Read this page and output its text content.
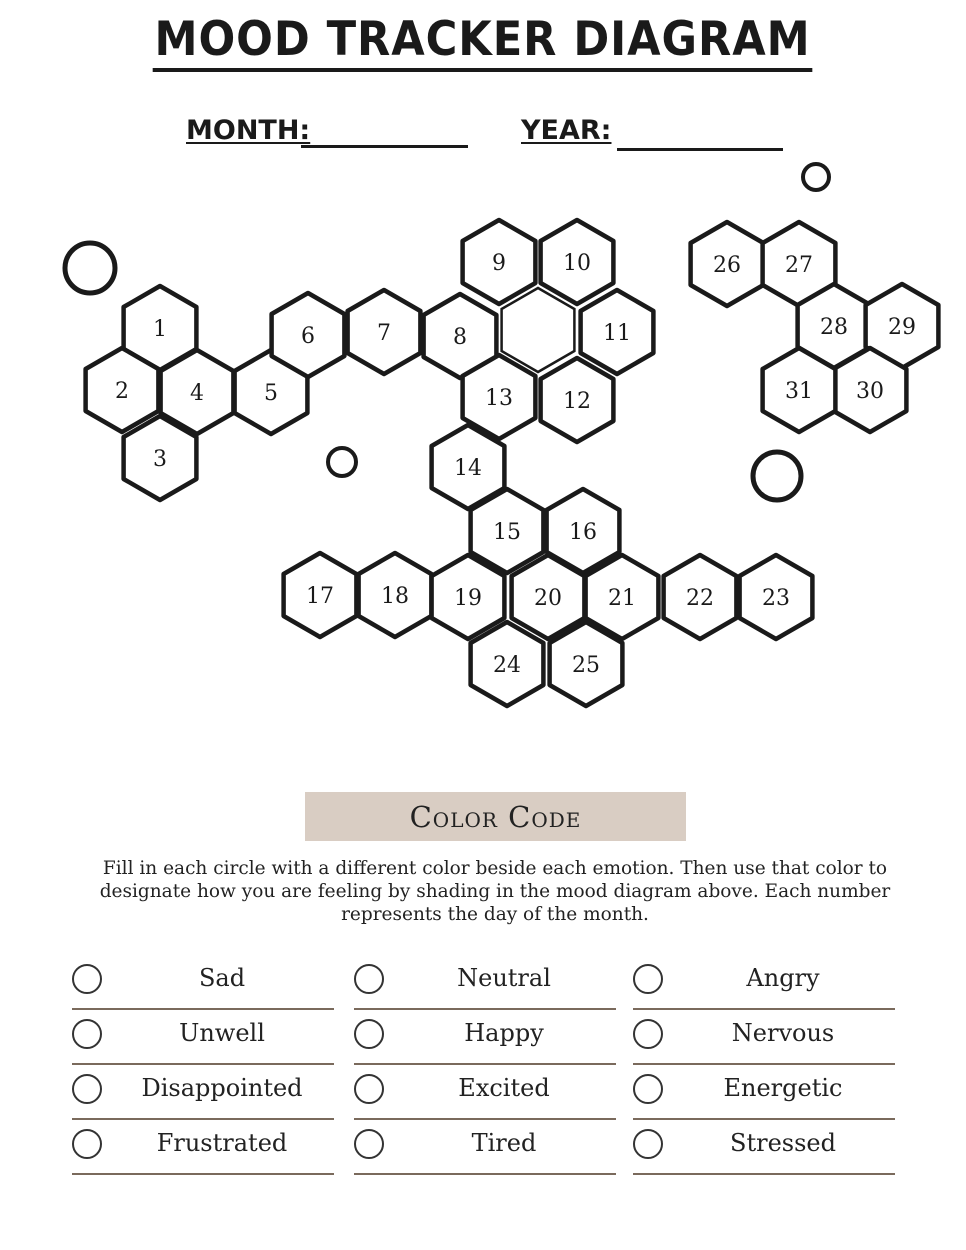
MOOD TRACKER DIAGRAM
MONTH:	YEAR:
1
2
3
4	5
6	7	8
9	10
11
12
13
14
15 16
17 18 19 20 21 22 23
24 25
26 27
28 29
30
31
Color Code
Fill in each circle with a different color beside each emotion. Then use that color to designate how you are feeling by shading in the mood diagram above. Each number represents the day of the month.
Sad	Neutral	Angry
Unwell	Happy	Nervous
Disappointed	Excited	Energetic
Frustrated	Tired	Stressed
